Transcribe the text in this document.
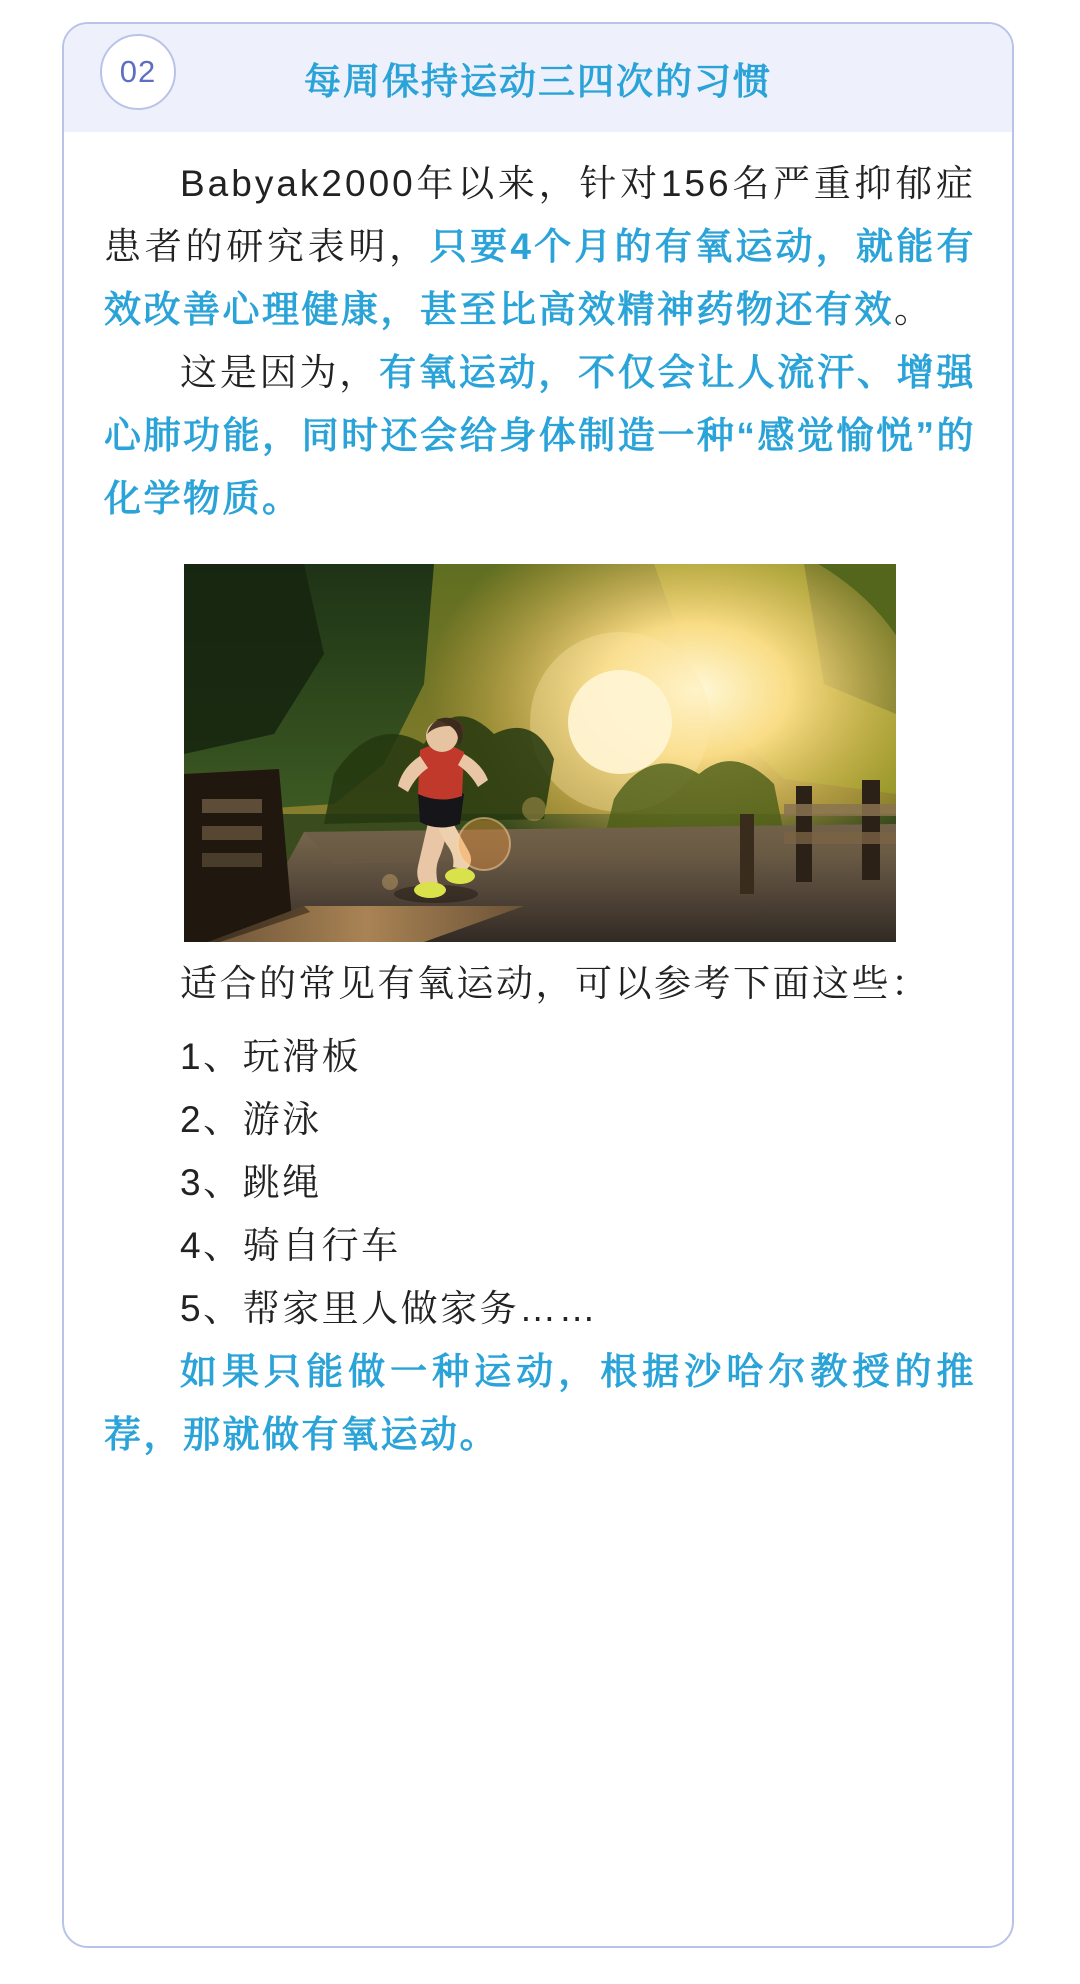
每周保持运动三四次的习惯

Babyak2000年以来，针对156名严重抑郁症患者的研究表明，只要4个月的有氧运动，就能有效改善心理健康，甚至比高效精神药物还有效。

这是因为，有氧运动，不仅会让人流汗、增强心肺功能，同时还会给身体制造一种“感觉愉悦”的化学物质。

适合的常见有氧运动，可以参考下面这些：

1、玩滑板
2、游泳
3、跳绳
4、骑自行车
5、帮家里人做家务……

如果只能做一种运动，根据沙哈尔教授的推荐，那就做有氧运动。

02
